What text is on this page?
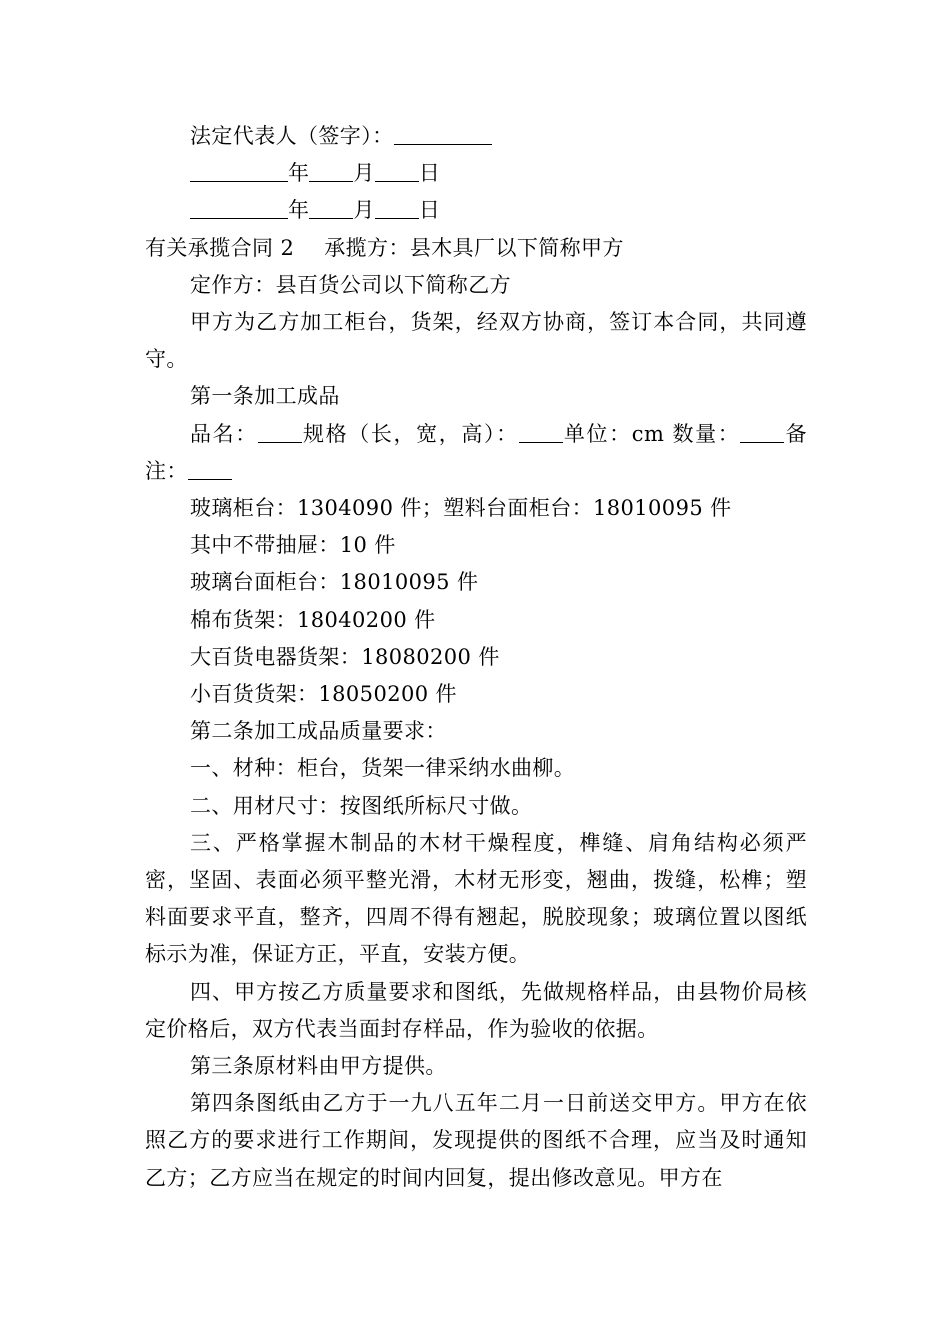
法定代表人（签字）：

年 月 日

年 月 日

有关承揽合同 2 承揽方：县木具厂以下简称甲方

定作方：县百货公司以下简称乙方

甲方为乙方加工柜台，货架，经双方协商，签订本合同，共同遵守。

第一条加工成品

品名： 规格（长，宽，高）： 单位：cm 数量： 备注：

玻璃柜台：1304090 件；塑料台面柜台：18010095 件

其中不带抽屉：10 件

玻璃台面柜台：18010095 件

棉布货架：18040200 件

大百货电器货架：18080200 件

小百货货架：18050200 件

第二条加工成品质量要求：

一、材种：柜台，货架一律采纳水曲柳。

二、用材尺寸：按图纸所标尺寸做。

三、严格掌握木制品的木材干燥程度，榫缝、肩角结构必须严密，坚固、表面必须平整光滑，木材无形变，翘曲，拨缝，松榫；塑料面要求平直，整齐，四周不得有翘起，脱胶现象；玻璃位置以图纸标示为准，保证方正，平直，安装方便。

四、甲方按乙方质量要求和图纸，先做规格样品，由县物价局核定价格后，双方代表当面封存样品，作为验收的依据。

第三条原材料由甲方提供。

第四条图纸由乙方于一九八五年二月一日前送交甲方。甲方在依照乙方的要求进行工作期间，发现提供的图纸不合理，应当及时通知乙方；乙方应当在规定的时间内回复，提出修改意见。甲方在
